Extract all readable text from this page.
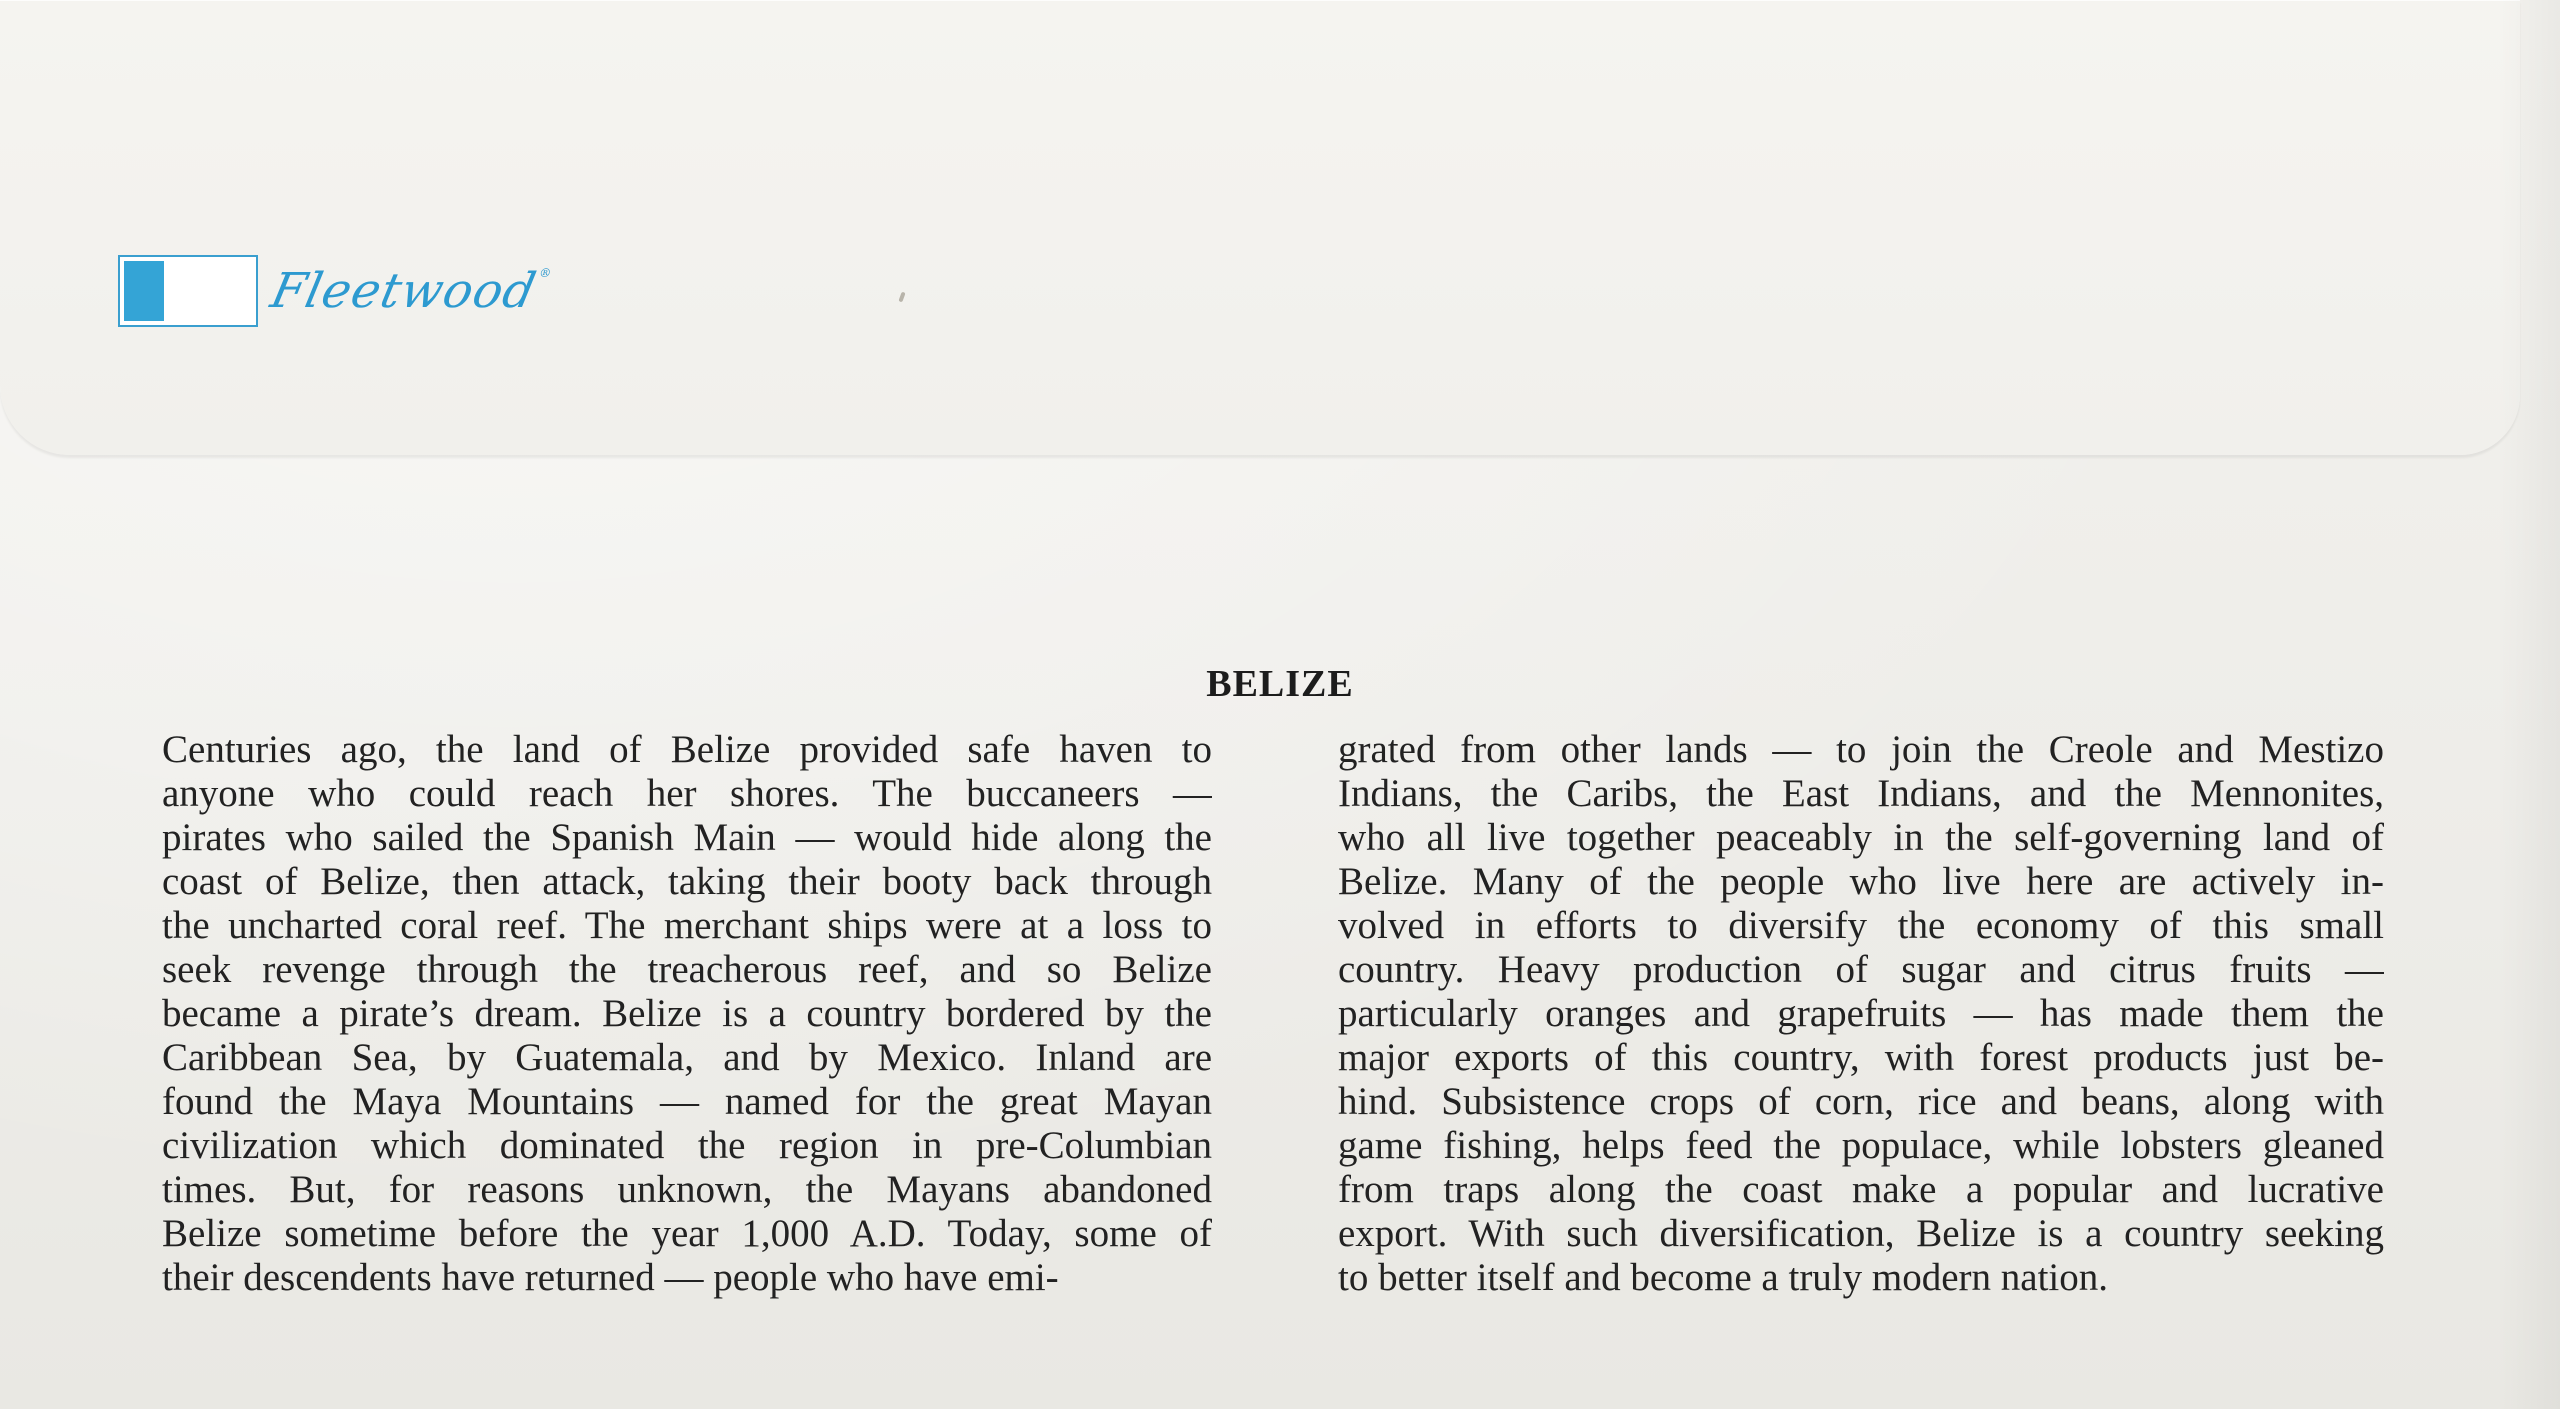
Fleetwood®
BELIZE
Centuries ago, the land of Belize provided safe haven to
anyone who could reach her shores. The buccaneers —
pirates who sailed the Spanish Main — would hide along the
coast of Belize, then attack, taking their booty back through
the uncharted coral reef. The merchant ships were at a loss to
seek revenge through the treacherous reef, and so Belize
became a pirate’s dream. Belize is a country bordered by the
Caribbean Sea, by Guatemala, and by Mexico. Inland are
found the Maya Mountains — named for the great Mayan
civilization which dominated the region in pre-Columbian
times. But, for reasons unknown, the Mayans abandoned
Belize sometime before the year 1,000 A.D. Today, some of
their descendents have returned — people who have emi-
grated from other lands — to join the Creole and Mestizo
Indians, the Caribs, the East Indians, and the Mennonites,
who all live together peaceably in the self-governing land of
Belize. Many of the people who live here are actively in-
volved in efforts to diversify the economy of this small
country. Heavy production of sugar and citrus fruits —
particularly oranges and grapefruits — has made them the
major exports of this country, with forest products just be-
hind. Subsistence crops of corn, rice and beans, along with
game fishing, helps feed the populace, while lobsters gleaned
from traps along the coast make a popular and lucrative
export. With such diversification, Belize is a country seeking
to better itself and become a truly modern nation.
